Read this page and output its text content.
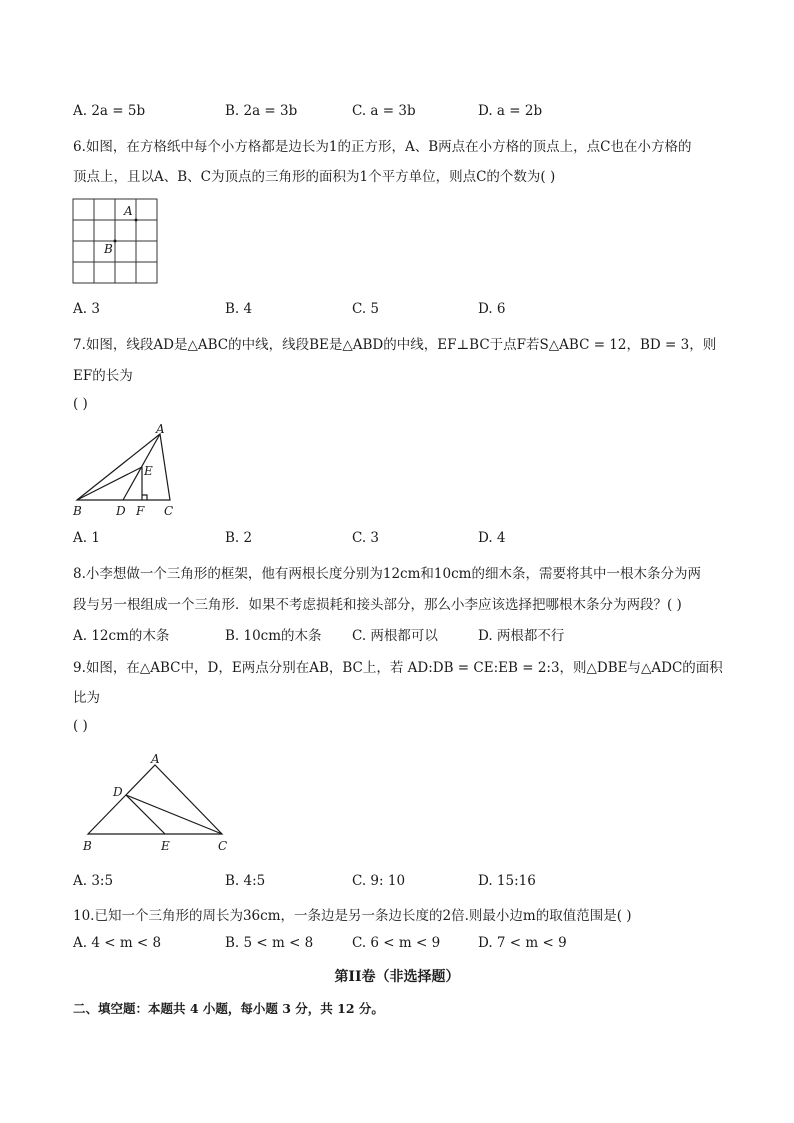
A. 2a = 5b	B. 2a = 3b	C. a = 3b	D. a = 2b
6.如图，在方格纸中每个小方格都是边长为1的正方形，A、B两点在小方格的顶点上，点C也在小方格的
顶点上，且以A、B、C为顶点的三角形的面积为1个平方单位，则点C的个数为( )
A
B
A. 3	B. 4	C. 5	D. 6
7.如图，线段AD是△ABC的中线，线段BE是△ABD的中线，EF⊥BC于点F若S△ABC = 12，BD = 3，则
EF的长为
( )
A
E
B	D F C
A. 1	B. 2	C. 3	D. 4
8.小李想做一个三角形的框架，他有两根长度分别为12cm和10cm的细木条，需要将其中一根木条分为两
段与另一根组成一个三角形．如果不考虑损耗和接头部分，那么小李应该选择把哪根木条分为两段？( )
A. 12cm的木条	B. 10cm的木条 C. 两根都可以	D. 两根都不行
9.如图，在△ABC中，D，E两点分别在AB，BC上，若 AD:DB = CE:EB = 2:3，则△DBE与△ADC的面积
比为
( )
A
D
B	E	C
A. 3:5	B. 4:5	C. 9: 10	D. 15:16
10.已知一个三角形的周长为36cm，一条边是另一条边长度的2倍.则最小边m的取值范围是( )
A. 4 < m < 8	B. 5 < m < 8	C. 6 < m < 9	D. 7 < m < 9
第II卷（非选择题）
二、填空题：本题共 4 小题，每小题 3 分，共 12 分。
